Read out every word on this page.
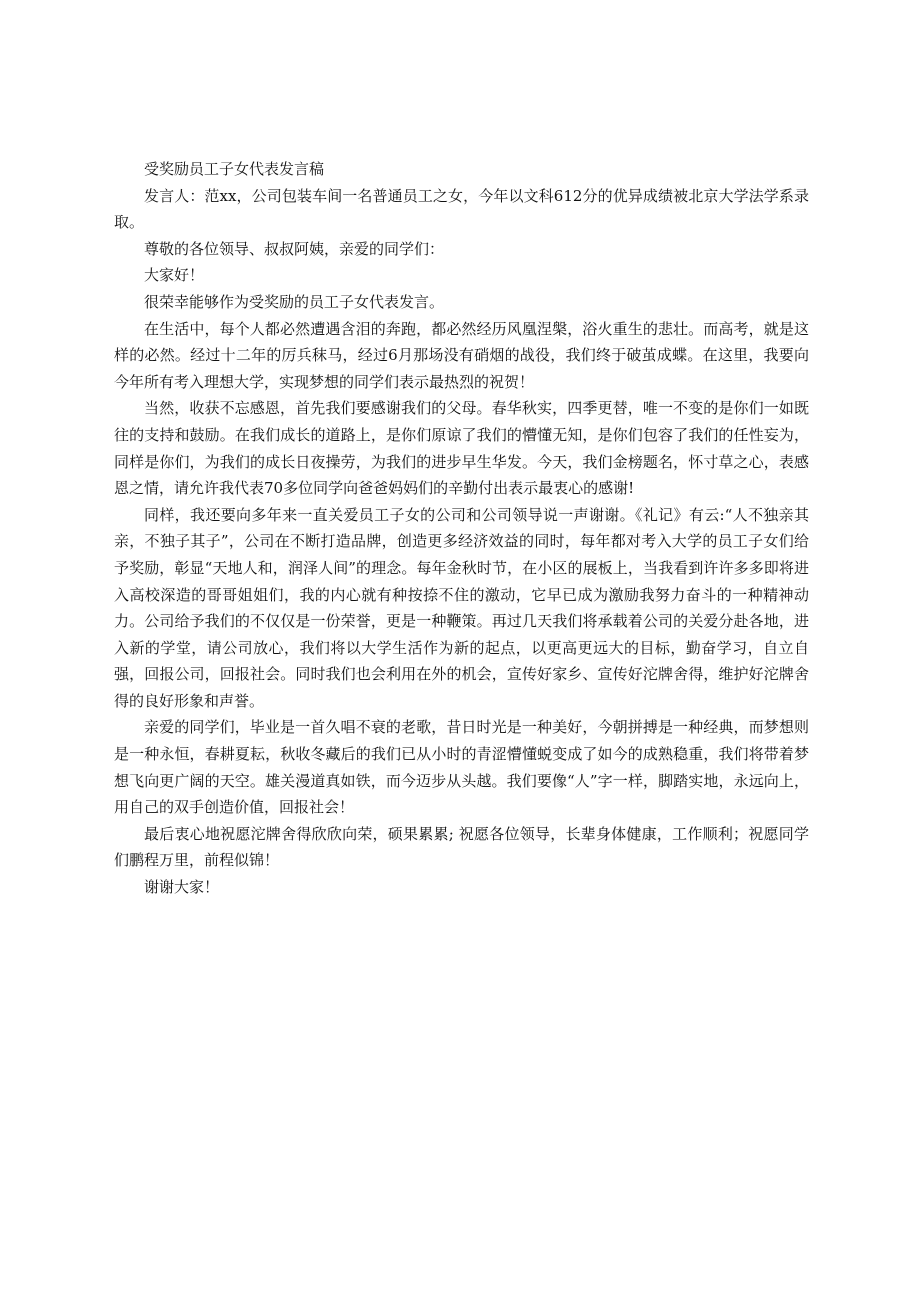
受奖励员工子女代表发言稿

发言人：范xx，公司包装车间一名普通员工之女，今年以文科612分的优异成绩被北京大学法学系录取。

尊敬的各位领导、叔叔阿姨，亲爱的同学们：

大家好！

很荣幸能够作为受奖励的员工子女代表发言。

在生活中，每个人都必然遭遇含泪的奔跑，都必然经历风凰涅槃，浴火重生的悲壮。而高考，就是这样的必然。经过十二年的厉兵秣马，经过6月那场没有硝烟的战役，我们终于破茧成蝶。在这里，我要向今年所有考入理想大学，实现梦想的同学们表示最热烈的祝贺！

当然，收获不忘感恩，首先我们要感谢我们的父母。春华秋实，四季更替，唯一不变的是你们一如既往的支持和鼓励。在我们成长的道路上，是你们原谅了我们的懵懂无知，是你们包容了我们的任性妄为，同样是你们，为我们的成长日夜操劳，为我们的进步早生华发。今天，我们金榜题名，怀寸草之心，表感恩之情，请允许我代表70多位同学向爸爸妈妈们的辛勤付出表示最衷心的感谢!

同样，我还要向多年来一直关爱员工子女的公司和公司领导说一声谢谢。《礼记》有云:“人不独亲其亲，不独子其子”，公司在不断打造品牌，创造更多经济效益的同时，每年都对考入大学的员工子女们给予奖励，彰显“天地人和，润泽人间”的理念。每年金秋时节，在小区的展板上，当我看到许许多多即将进入高校深造的哥哥姐姐们，我的内心就有种按捺不住的激动，它早已成为激励我努力奋斗的一种精神动力。公司给予我们的不仅仅是一份荣誉，更是一种鞭策。再过几天我们将承载着公司的关爱分赴各地，进入新的学堂，请公司放心，我们将以大学生活作为新的起点，以更高更远大的目标，勤奋学习，自立自强，回报公司，回报社会。同时我们也会利用在外的机会，宣传好家乡、宣传好沱牌舍得，维护好沱牌舍得的良好形象和声誉。

亲爱的同学们，毕业是一首久唱不衰的老歌，昔日时光是一种美好，今朝拼搏是一种经典，而梦想则是一种永恒，春耕夏耘，秋收冬藏后的我们已从小时的青涩懵懂蜕变成了如今的成熟稳重，我们将带着梦想飞向更广阔的天空。雄关漫道真如铁，而今迈步从头越。我们要像“人”字一样，脚踏实地，永远向上，用自己的双手创造价值，回报社会！

最后衷心地祝愿沱牌舍得欣欣向荣，硕果累累; 祝愿各位领导，长辈身体健康，工作顺利；祝愿同学们鹏程万里，前程似锦！

谢谢大家！
